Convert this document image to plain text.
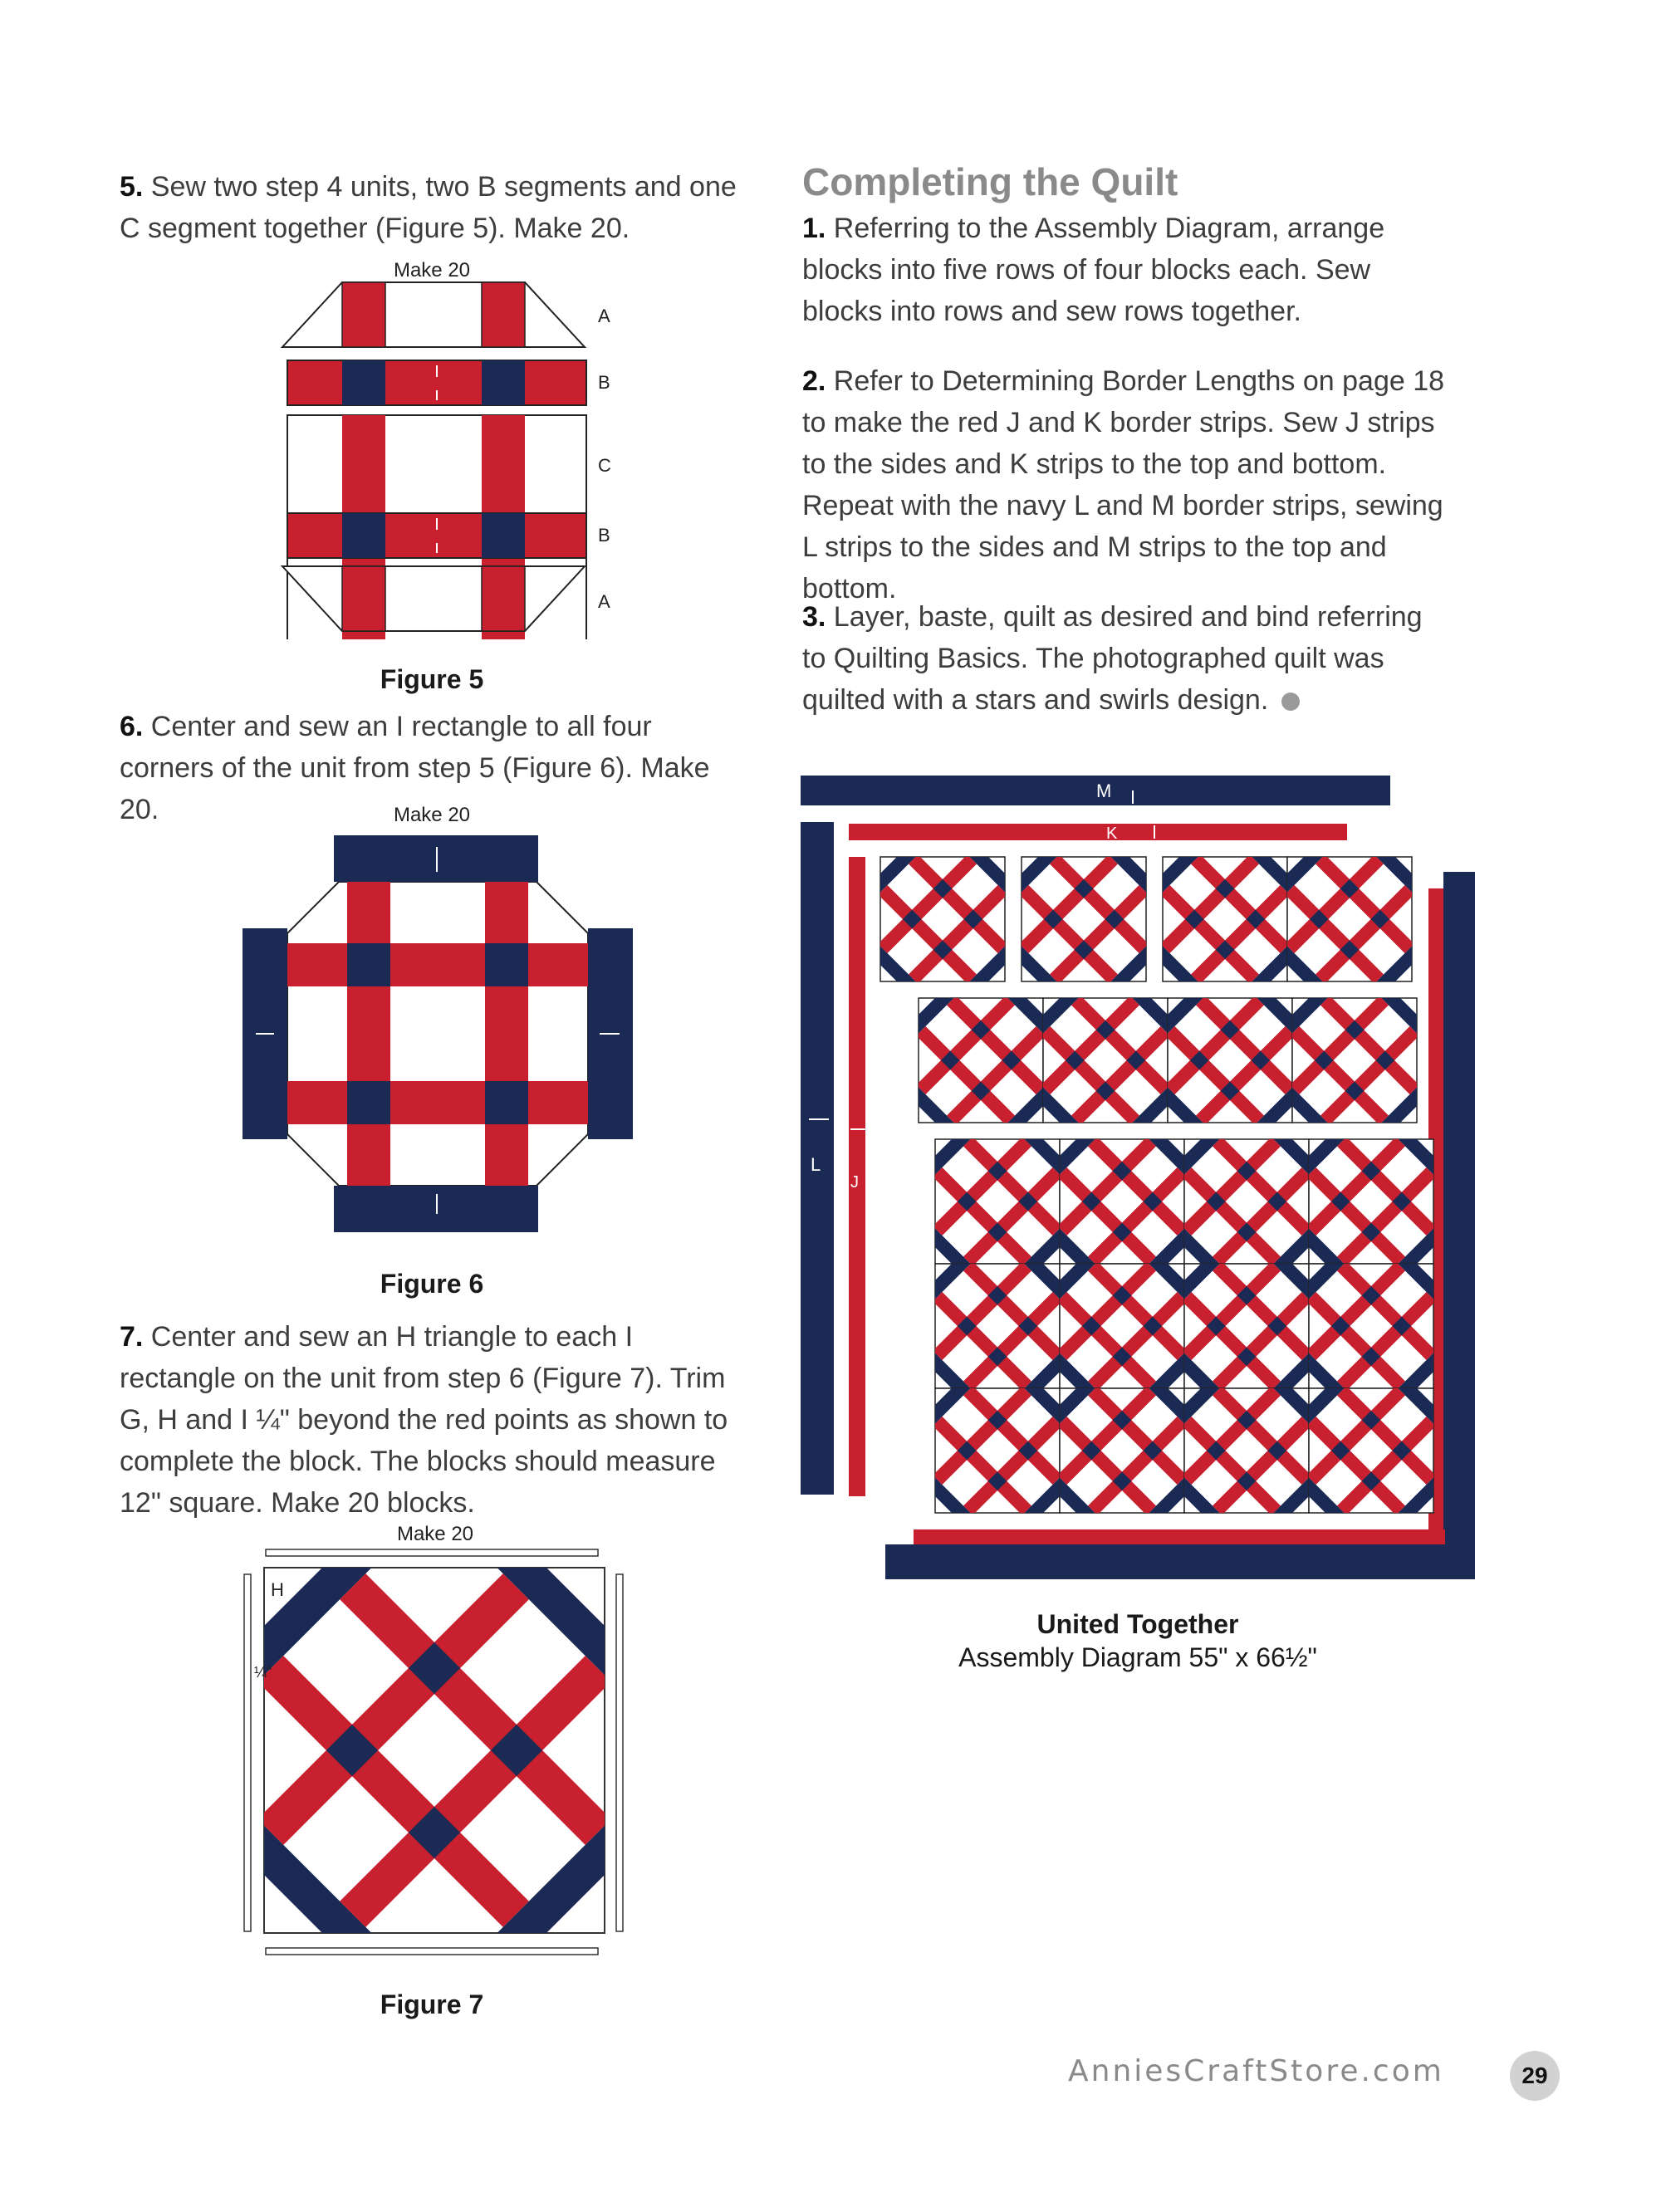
5. Sew two step 4 units, two B segments and one C segment together (Figure 5). Make 20.

Make 20
A
B
C
B
A
Figure 5

6. Center and sew an I rectangle to all four corners of the unit from step 5 (Figure 6). Make 20.	Make 20
Figure 6

7. Center and sew an H triangle to each I rectangle on the unit from step 6 (Figure 7). Trim G, H and I ¼" beyond the red points as shown to complete the block. The blocks should measure 12" square. Make 20 blocks.

Make 20
H
¼"
Figure 7
Completing the Quilt

1. Referring to the Assembly Diagram, arrange blocks into five rows of four blocks each. Sew blocks into rows and sew rows together.

2. Refer to Determining Border Lengths on page 18 to make the red J and K border strips. Sew J strips to the sides and K strips to the top and bottom. Repeat with the navy L and M border strips, sewing L strips to the sides and M strips to the top and bottom.

3. Layer, baste, quilt as desired and bind referring to Quilting Basics. The photographed quilt was quilted with a stars and swirls design.

M
K
L
J
United Together
Assembly Diagram 55" x 66½"
AnniesCraftStore.com	29
